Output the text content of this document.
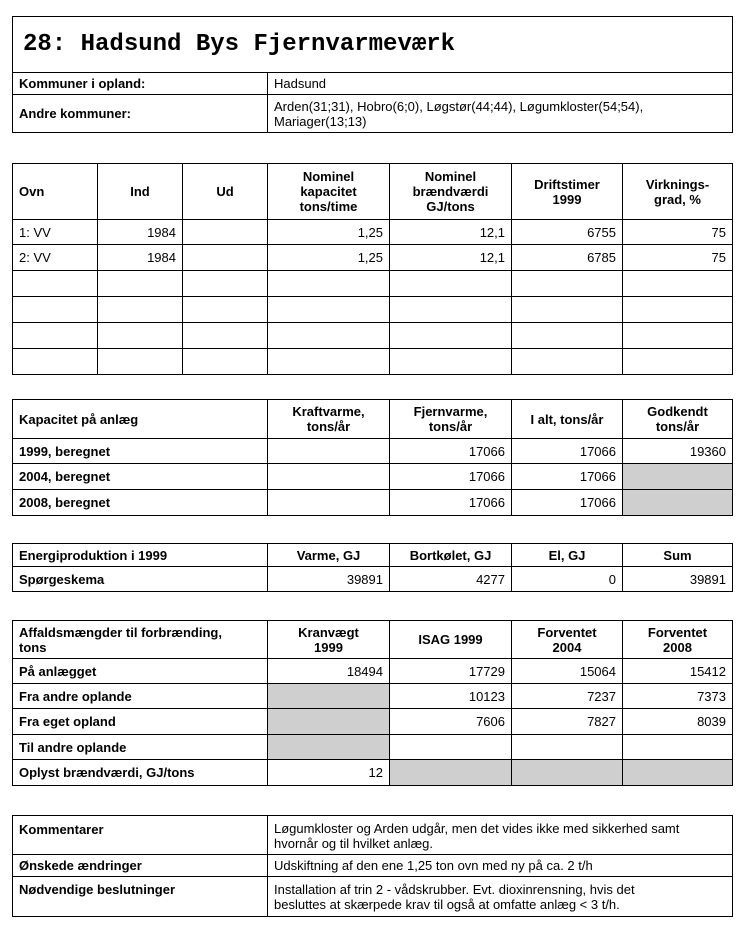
28: Hadsund Bys Fjernvarmeværk	
Kommuner i opland:	Hadsund
Andre kommuner:	Arden(31;31), Hobro(6;0), Løgstør(44;44), Løgumkloster(54;54),
Mariager(13;13)
Ovn	Ind	Ud	Nominel
kapacitet
tons/time	Nominel
brændværdi
GJ/tons	Driftstimer
1999	Virknings-
grad, %
1: VV	1984		1,25	12,1	6755	75
2: VV	1984		1,25	12,1	6785	75

Kapacitet på anlæg	Kraftvarme,
tons/år	Fjernvarme,
tons/år	I alt, tons/år	Godkendt
tons/år
1999, beregnet		17066	17066	19360
2004, beregnet		17066	17066	
2008, beregnet		17066	17066	
Energiproduktion i 1999	Varme, GJ	Bortkølet, GJ	El, GJ	Sum
Spørgeskema	39891	4277	0	39891
Affaldsmængder til forbrænding,
tons	Kranvægt
1999	ISAG 1999	Forventet
2004	Forventet
2008
På anlægget	18494	17729	15064	15412
Fra andre oplande		10123	7237	7373
Fra eget opland		7606	7827	8039
Til andre oplande				
Oplyst brændværdi, GJ/tons	12			
Kommentarer	Løgumkloster og Arden udgår, men det vides ikke med sikkerhed samt
hvornår og til hvilket anlæg.
Ønskede ændringer	Udskiftning af den ene 1,25 ton ovn med ny på ca. 2 t/h
Nødvendige beslutninger	Installation af trin 2 - vådskrubber. Evt. dioxinrensning, hvis det
besluttes at skærpede krav til også at omfatte anlæg < 3 t/h.
